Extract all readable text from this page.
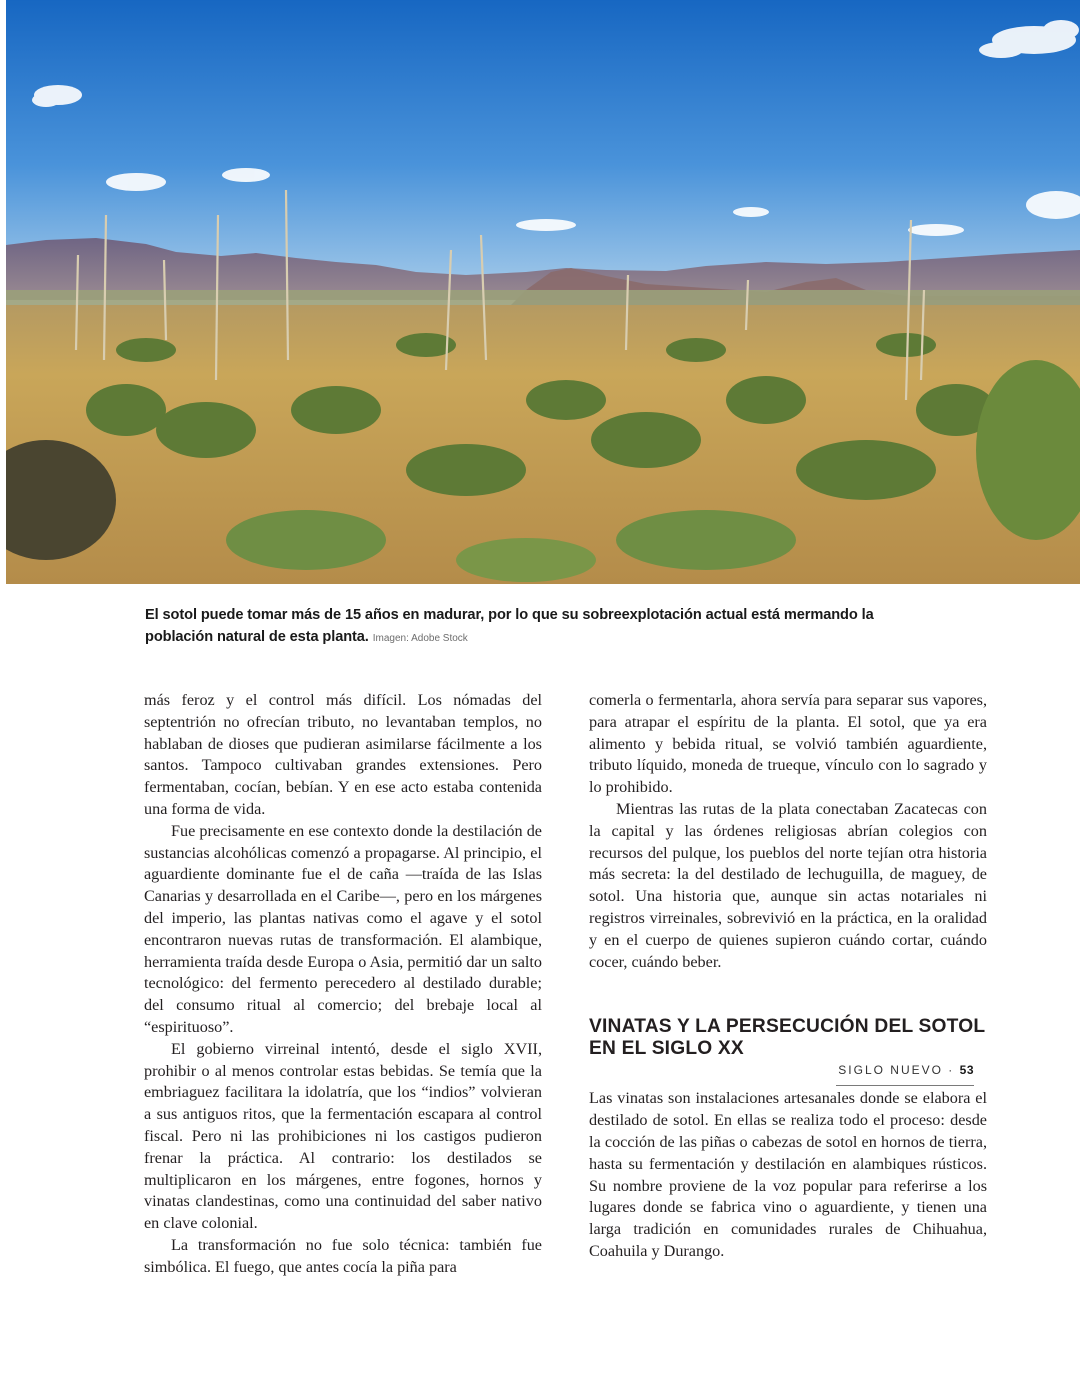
El sotol puede tomar más de 15 años en madurar, por lo que su sobreexplotación actual está mermando la población natural de esta planta. Imagen: Adobe Stock

más feroz y el control más difícil. Los nómadas del septentrión no ofrecían tributo, no levantaban templos, no hablaban de dioses que pudieran asimilarse fácilmente a los santos. Tampoco cultivaban grandes extensiones. Pero fermentaban, cocían, bebían. Y en ese acto estaba contenida una forma de vida.

Fue precisamente en ese contexto donde la destilación de sustancias alcohólicas comenzó a propagarse. Al principio, el aguardiente dominante fue el de caña —traída de las Islas Canarias y desarrollada en el Caribe—, pero en los márgenes del imperio, las plantas nativas como el agave y el sotol encontraron nuevas rutas de transformación. El alambique, herramienta traída desde Europa o Asia, permitió dar un salto tecnológico: del fermento perecedero al destilado durable; del consumo ritual al comercio; del brebaje local al “espirituoso”.

El gobierno virreinal intentó, desde el siglo XVII, prohibir o al menos controlar estas bebidas. Se temía que la embriaguez facilitara la idolatría, que los “indios” volvieran a sus antiguos ritos, que la fermentación escapara al control fiscal. Pero ni las prohibiciones ni los castigos pudieron frenar la práctica. Al contrario: los destilados se multiplicaron en los márgenes, entre fogones, hornos y vinatas clandestinas, como una continuidad del saber nativo en clave colonial.

La transformación no fue solo técnica: también fue simbólica. El fuego, que antes cocía la piña para

comerla o fermentarla, ahora servía para separar sus vapores, para atrapar el espíritu de la planta. El sotol, que ya era alimento y bebida ritual, se volvió también aguardiente, tributo líquido, moneda de trueque, vínculo con lo sagrado y lo prohibido.

Mientras las rutas de la plata conectaban Zacatecas con la capital y las órdenes religiosas abrían colegios con recursos del pulque, los pueblos del norte tejían otra historia más secreta: la del destilado de lechuguilla, de maguey, de sotol. Una historia que, aunque sin actas notariales ni registros virreinales, sobrevivió en la práctica, en la oralidad y en el cuerpo de quienes supieron cuándo cortar, cuándo cocer, cuándo beber.

VINATAS Y LA PERSECUCIÓN DEL SOTOL EN EL SIGLO XX

Las vinatas son instalaciones artesanales donde se elabora el destilado de sotol. En ellas se realiza todo el proceso: desde la cocción de las piñas o cabezas de sotol en hornos de tierra, hasta su fermentación y destilación en alambiques rústicos. Su nombre proviene de la voz popular para referirse a los lugares donde se fabrica vino o aguardiente, y tienen una larga tradición en comunidades rurales de Chihuahua, Coahuila y Durango.

SIGLO NUEVO · 53
